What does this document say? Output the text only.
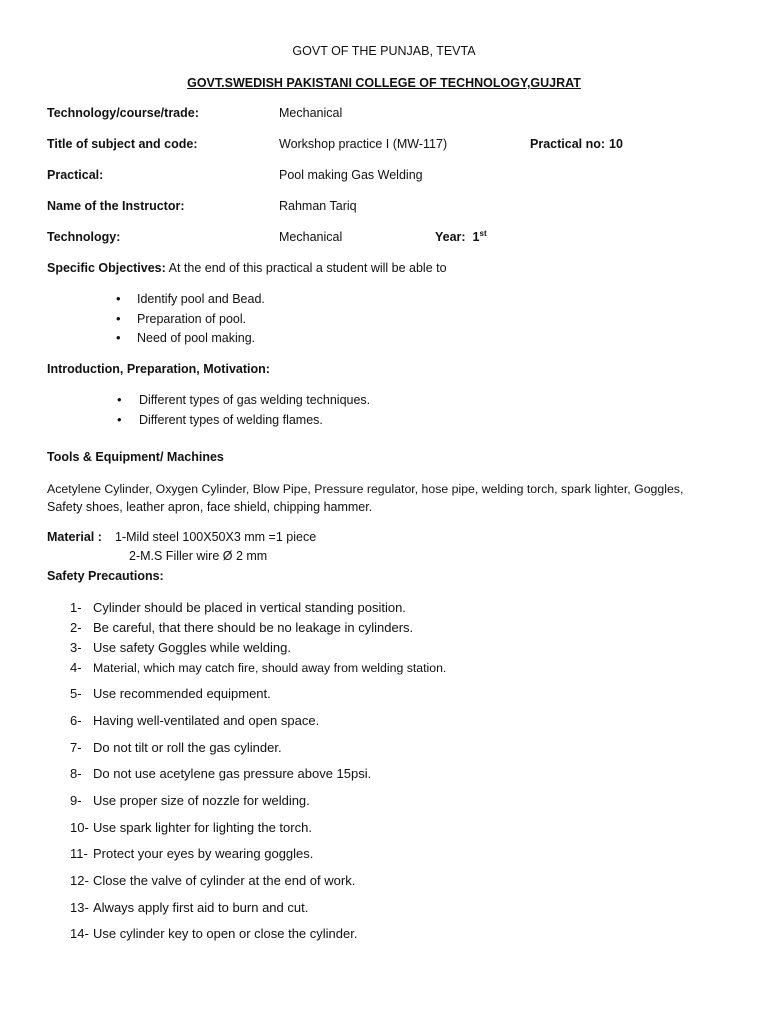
GOVT OF THE PUNJAB, TEVTA
GOVT.SWEDISH PAKISTANI COLLEGE OF TECHNOLOGY,GUJRAT
Technology/course/trade:	Mechanical
Title of subject and code:	Workshop practice I (MW-117)	Practical no: 10
Practical:	Pool making Gas Welding
Name of the Instructor:	Rahman Tariq
Technology:	Mechanical	Year: 1st
Specific Objectives: At the end of this practical a student will be able to
• Identify pool and Bead.
• Preparation of pool.
• Need of pool making.
Introduction, Preparation, Motivation:
• Different types of gas welding techniques.
• Different types of welding flames.
Tools & Equipment/ Machines
Acetylene Cylinder, Oxygen Cylinder, Blow Pipe, Pressure regulator, hose pipe, welding torch, spark lighter, Goggles,
Safety shoes, leather apron, face shield, chipping hammer.
Material : 1-Mild steel 100X50X3 mm =1 piece
2-M.S Filler wire Ø 2 mm
Safety Precautions:
1- Cylinder should be placed in vertical standing position.
2- Be careful, that there should be no leakage in cylinders.
3- Use safety Goggles while welding.
4- Material, which may catch fire, should away from welding station.
5- Use recommended equipment.
6- Having well-ventilated and open space.
7- Do not tilt or roll the gas cylinder.
8- Do not use acetylene gas pressure above 15psi.
9- Use proper size of nozzle for welding.
10- Use spark lighter for lighting the torch.
11- Protect your eyes by wearing goggles.
12- Close the valve of cylinder at the end of work.
13- Always apply first aid to burn and cut.
14- Use cylinder key to open or close the cylinder.
